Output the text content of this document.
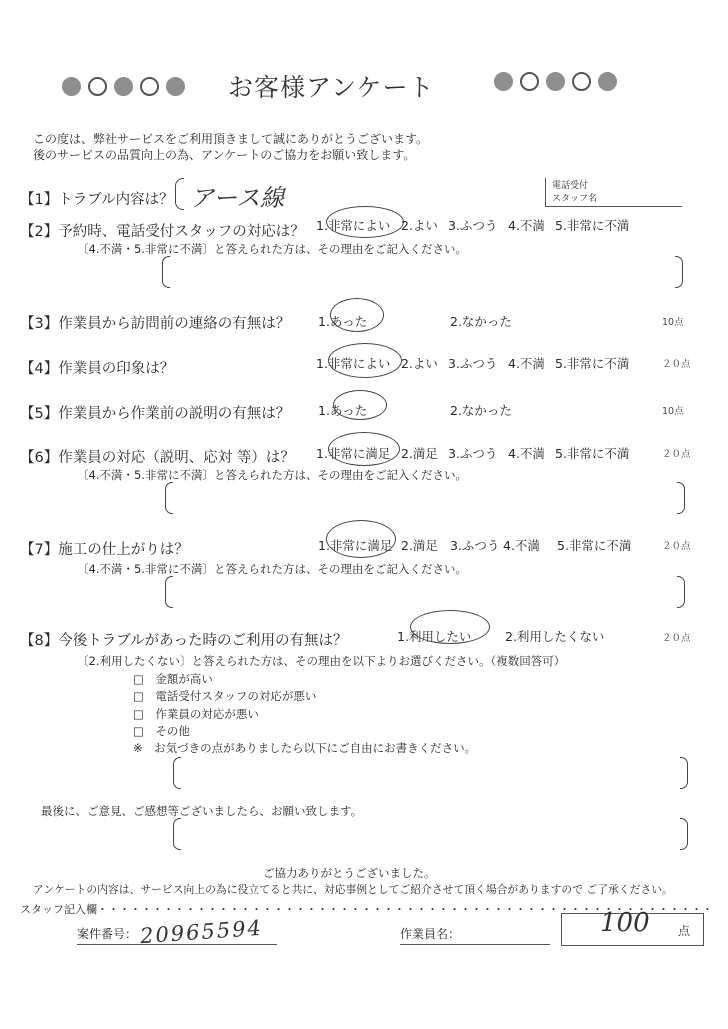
お客様アンケート
この度は、弊社サービスをご利用頂きまして誠にありがとうございます。
後のサービスの品質向上の為、アンケートのご協力をお願い致します。
電話受付
スタッフ名
【1】トラブル内容は？ アース線
【2】予約時、電話受付スタッフの対応は？ 1.非常によい 2.よい 3.ふつう 4.不満 5.非常に不満
〔4.不満・5.非常に不満〕と答えられた方は、その理由をご記入ください。
【3】作業員から訪問前の連絡の有無は？ 1.あった	2.なかった	10点
【4】作業員の印象は？	1.非常によい 2.よい 3.ふつう 4.不満 5.非常に不満	２０点
【5】作業員から作業前の説明の有無は？ 1.あった	2.なかった	10点
【6】作業員の対応（説明、応対 等）は？ 1.非常に満足 2.満足 3.ふつう 4.不満 5.非常に不満	２０点
〔4.不満・5.非常に不満〕と答えられた方は、その理由をご記入ください。
【7】施工の仕上がりは？	1.非常に満足 2.満足 3.ふつう 4.不満 5.非常に不満	２０点
〔4.不満・5.非常に不満〕と答えられた方は、その理由をご記入ください。
【8】今後トラブルがあった時のご利用の有無は？	1.利用したい	2.利用したくない	２０点
〔2.利用したくない〕と答えられた方は、その理由を以下よりお選びください。（複数回答可）
□　金額が高い
□　電話受付スタッフの対応が悪い
□　作業員の対応が悪い
□　その他
※　お気づきの点がありましたら以下にご自由にお書きください。
最後に、ご意見、ご感想等ございましたら、お願い致します。
ご協力ありがとうございました。
アンケートの内容は、サービス向上の為に役立てると共に、対応事例としてご紹介させて頂く場合がありますので ご了承ください。
スタッフ記入欄・・・・・・・・・・・・・・・・・・・・・・・・・・・・・・・・・・・・・・・・・・・・・・・・・・・・・・・・
案件番号： 20965594	作業員名：	100 点
